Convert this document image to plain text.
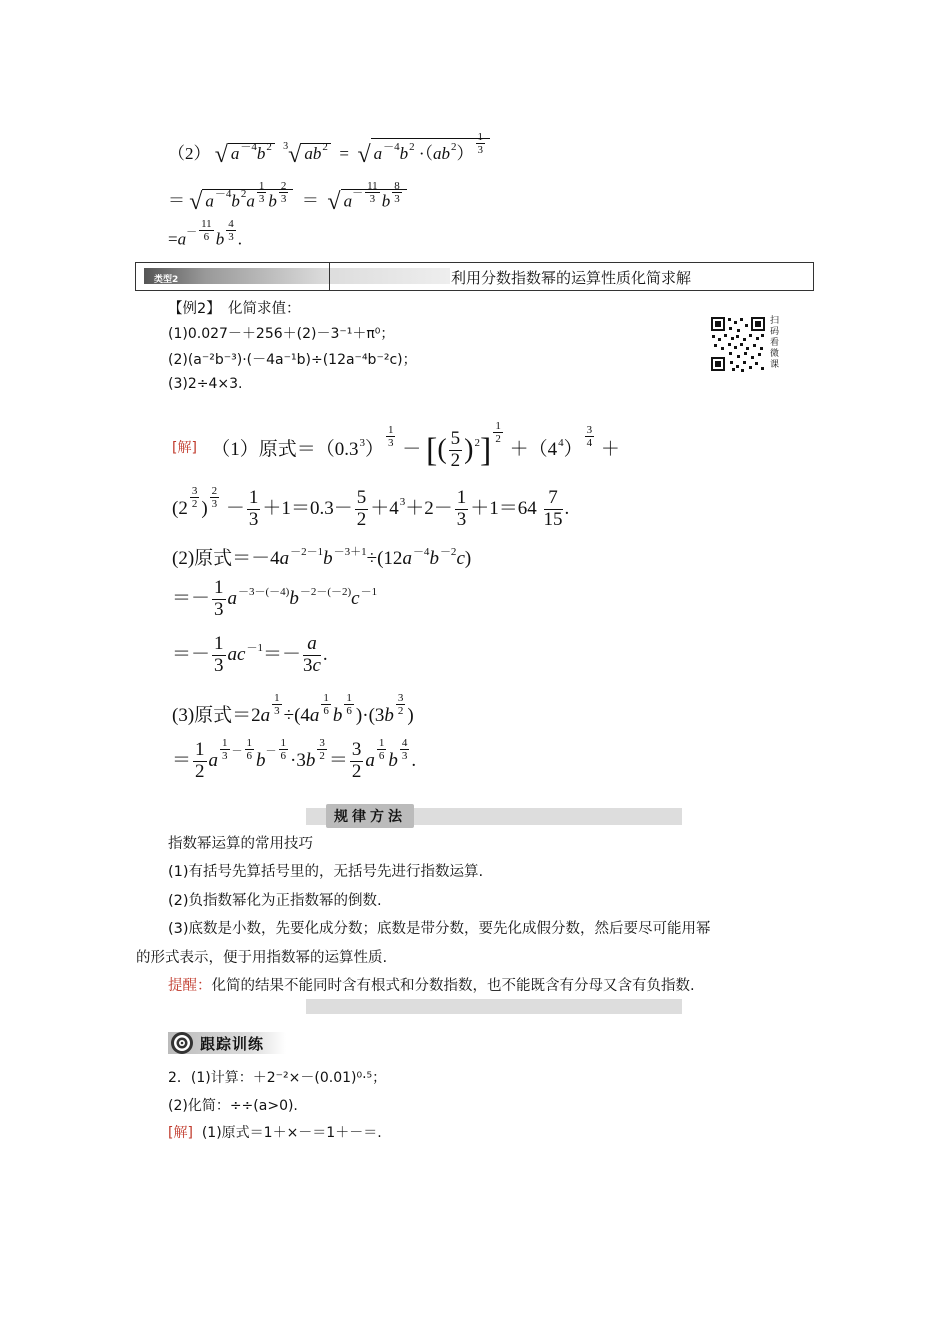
（2） √ $a^{-4}b^2$ $^3$√ $ab^2$ = √ $a^{-4}b^2 \cdot(ab^2) \frac{1}{3}$
＝ √ $a^{-4}b^2a \frac{1}{3}$ b $\frac{2}{3}$ ＝  √ $a^- \frac{11}{3}$ b $\frac{8}{3}$
$=a^- \frac{11}{6}$ b $\frac{4}{3}$ .
类型2	利用分数指数幂的运算性质化简求解
【例2】　化简求值：
(1)0.027－＋256＋(2)－3⁻¹＋π⁰；
(2)(a⁻²b⁻³)·(－4a⁻¹b)÷(12a⁻⁴b⁻²c)；
(3)2÷4×3.
扫码看微课
[解] （1）原式$=(0.3^3)$
$\frac{1}{3}$
－ [( $\frac{5}{2} )^2] \frac{1}{2}$
$+(4^4)$
$\frac{3}{4}$
＋
($2 \frac{3}{2}$ ) $\frac{2}{3} - \frac{1}{3} +1=0.3- \frac{5}{2} +4^3+2- \frac{1}{3} +1=64 \frac{7}{15}$ .
(2)原式$=-4a^{-2-1}b^{-3+1}\div(12a^{-4}b^{-2}c)$
＝－ $\frac{1}{3} a^{-3-(-4)}b^{-2-(-2)}c^{-1}$
＝－ $\frac{1}{3} ac^{-1}=- \frac{a}{3c}$ .
(3)原式$=2a \frac{1}{3} \div(4a \frac{1}{6}$ b $\frac{1}{6} )\cdot(3b \frac{3}{2}$ )
＝ $\frac{1}{2}$ a $\frac{1}{3} - \frac{1}{6} b^- \frac{1}{6} \cdot 3b \frac{3}{2} = \frac{3}{2}$ a $\frac{1}{6}$ b $\frac{4}{3}$ .
规律方法
指数幂运算的常用技巧
(1)有括号先算括号里的，无括号先进行指数运算.
(2)负指数幂化为正指数幂的倒数.
(3)底数是小数，先要化成分数；底数是带分数，要先化成假分数，然后要尽可能用幂
的形式表示，便于用指数幂的运算性质.
提醒：化简的结果不能同时含有根式和分数指数，也不能既含有分母又含有负指数.
跟踪训练
2．(1)计算：＋2⁻²×－(0.01)⁰·⁵；
(2)化简：÷÷(a>0).
[解] (1)原式＝1＋×－＝1＋－＝.
